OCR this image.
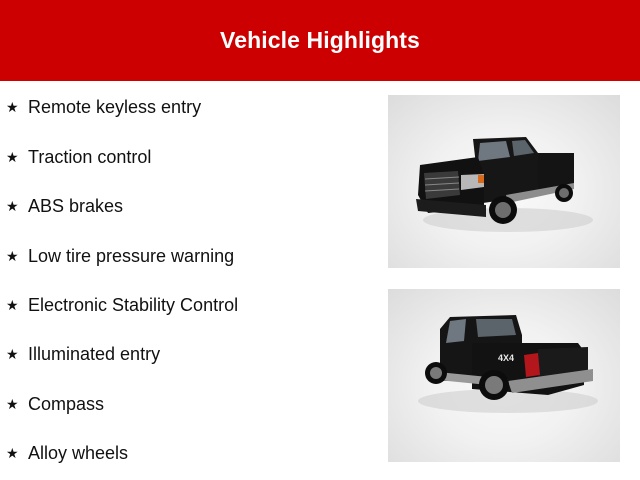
Vehicle Highlights
★ Remote keyless entry
★ Traction control
★ ABS brakes
★ Low tire pressure warning
★ Electronic Stability Control
★ Illuminated entry
★ Compass
★ Alloy wheels
4X4
